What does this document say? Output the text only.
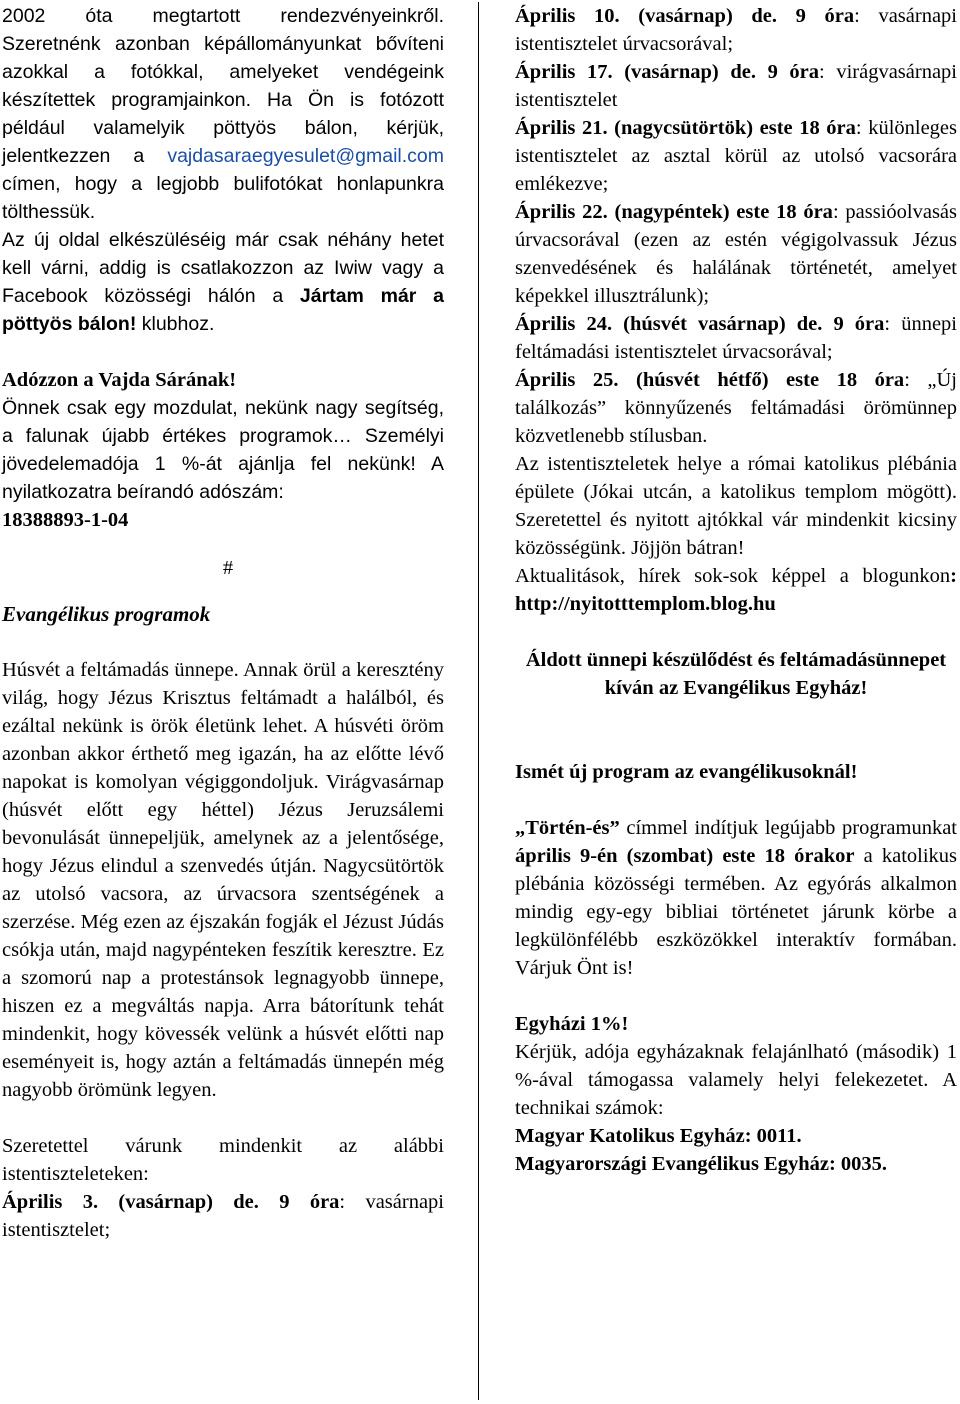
2002 óta megtartott rendezvényeinkről. Szeretnénk azonban képállományunkat bővíteni azokkal a fotókkal, amelyeket vendégeink készítettek programjainkon. Ha Ön is fotózott például valamelyik pöttyös bálon, kérjük, jelentkezzen a vajdasaraegyesulet@gmail.com címen, hogy a legjobb bulifotókat honlapunkra tölthessük.

Az új oldal elkészüléséig már csak néhány hetet kell várni, addig is csatlakozzon az Iwiw vagy a Facebook közösségi hálón a Jártam már a pöttyös bálon! klubhoz.

Adózzon a Vajda Sárának!

Önnek csak egy mozdulat, nekünk nagy segítség, a falunak újabb értékes programok… Személyi jövedelemadója 1 %-át ajánlja fel nekünk! A nyilatkozatra beírandó adószám:

18388893-1-04

#

Evangélikus programok

Húsvét a feltámadás ünnepe. Annak örül a keresztény világ, hogy Jézus Krisztus feltámadt a halálból, és ezáltal nekünk is örök életünk lehet. A húsvéti öröm azonban akkor érthető meg igazán, ha az előtte lévő napokat is komolyan végiggondoljuk. Virágvasárnap (húsvét előtt egy héttel) Jézus Jeruzsálemi bevonulását ünnepeljük, amelynek az a jelentősége, hogy Jézus elindul a szenvedés útján. Nagycsütörtök az utolsó vacsora, az úrvacsora szentségének a szerzése. Még ezen az éjszakán fogják el Jézust Júdás csókja után, majd nagypénteken feszítik keresztre. Ez a szomorú nap a protestánsok legnagyobb ünnepe, hiszen ez a megváltás napja. Arra bátorítunk tehát mindenkit, hogy kövessék velünk a húsvét előtti nap eseményeit is, hogy aztán a feltámadás ünnepén még nagyobb örömünk legyen.

Szeretettel várunk mindenkit az alábbi istentiszteleteken:

Április 3. (vasárnap) de. 9 óra: vasárnapi istentisztelet;

Április 10. (vasárnap) de. 9 óra: vasárnapi istentisztelet úrvacsorával;

Április 17. (vasárnap) de. 9 óra: virágvasárnapi istentisztelet

Április 21. (nagycsütörtök) este 18 óra: különleges istentisztelet az asztal körül az utolsó vacsorára emlékezve;

Április 22. (nagypéntek) este 18 óra: passióolvasás úrvacsorával (ezen az estén végigolvassuk Jézus szenvedésének és halálának történetét, amelyet képekkel illusztrálunk);

Április 24. (húsvét vasárnap) de. 9 óra: ünnepi feltámadási istentisztelet úrvacsorával;

Április 25. (húsvét hétfő) este 18 óra: „Új találkozás” könnyűzenés feltámadási örömünnep közvetlenebb stílusban.

Az istentiszteletek helye a római katolikus plébánia épülete (Jókai utcán, a katolikus templom mögött). Szeretettel és nyitott ajtókkal vár mindenkit kicsiny közösségünk. Jöjjön bátran!

Aktualitások, hírek sok-sok képpel a blogunkon: http://nyitotttemplom.blog.hu

Áldott ünnepi készülődést és feltámadásünnepet kíván az Evangélikus Egyház!

Ismét új program az evangélikusoknál!

„Történ-és” címmel indítjuk legújabb programunkat április 9-én (szombat) este 18 órakor a katolikus plébánia közösségi termében. Az egyórás alkalmon mindig egy-egy bibliai történetet járunk körbe a legkülönfélébb eszközökkel interaktív formában. Várjuk Önt is!

Egyházi 1%!

Kérjük, adója egyházaknak felajánlható (második) 1 %-ával támogassa valamely helyi felekezetet. A technikai számok:

Magyar Katolikus Egyház: 0011.

Magyarországi Evangélikus Egyház: 0035.
